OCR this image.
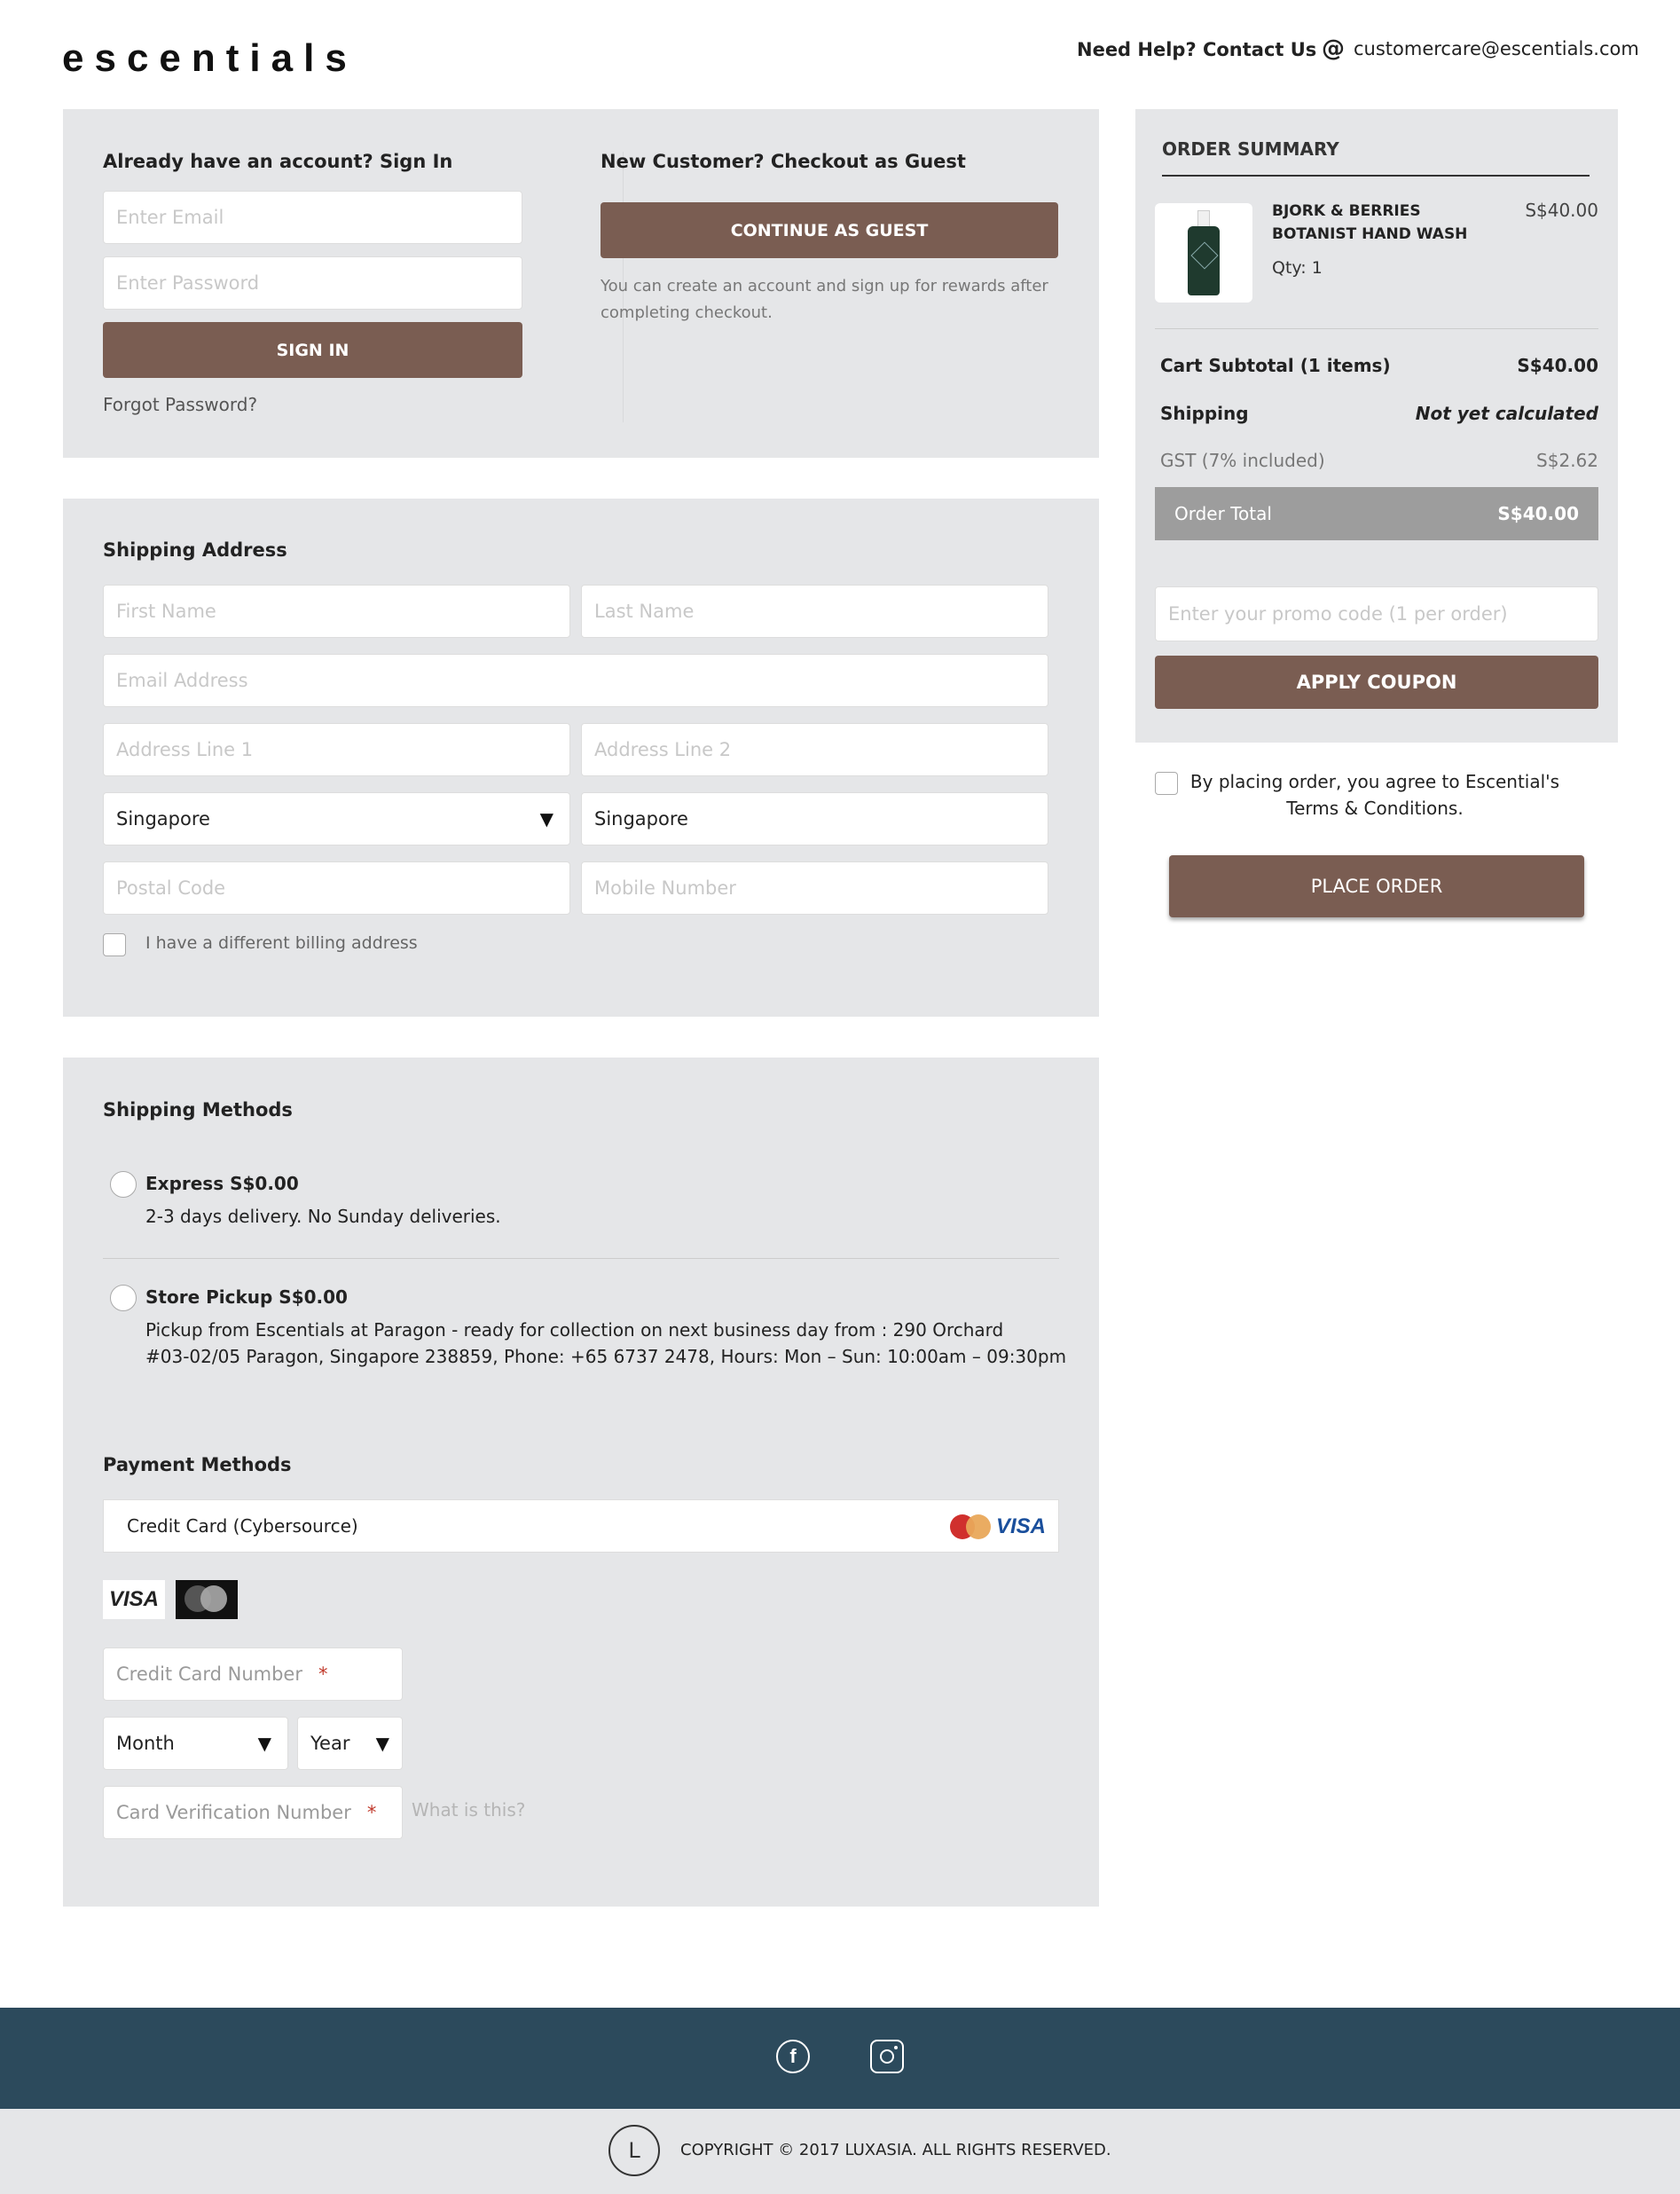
escentials	Need Help? Contact Us @ customercare@escentials.com
Already have an account? Sign In
Enter Email
Enter Password
SIGN IN
Forgot Password?
New Customer? Checkout as Guest
CONTINUE AS GUEST
You can create an account and sign up for rewards after completing checkout.
ORDER SUMMARY
BJORK & BERRIES
BOTANIST HAND WASH
Qty: 1
S$40.00
Cart Subtotal (1 items)	S$40.00
Shipping	Not yet calculated
GST (7% included)	S$2.62
Order Total	S$40.00
Enter your promo code (1 per order)
APPLY COUPON
By placing order, you agree to Escential's
Terms & Conditions.
PLACE ORDER
Shipping Address
First Name	Last Name
Email Address
Address Line 1	Address Line 2
Singapore	▼ Singapore
Postal Code	Mobile Number
I have a different billing address
Shipping Methods
Express S$0.00
2-3 days delivery. No Sunday deliveries.
Store Pickup S$0.00
Pickup from Escentials at Paragon - ready for collection on next business day from : 290 Orchard
#03-02/05 Paragon, Singapore 238859, Phone: +65 6737 2478, Hours: Mon – Sun: 10:00am – 09:30pm
Payment Methods
Credit Card (Cybersource)	VISA
VISA
Credit Card Number *
Month	▼ Year ▼
Card Verification Number * What is this?
f
L	COPYRIGHT © 2017 LUXASIA. ALL RIGHTS RESERVED.
